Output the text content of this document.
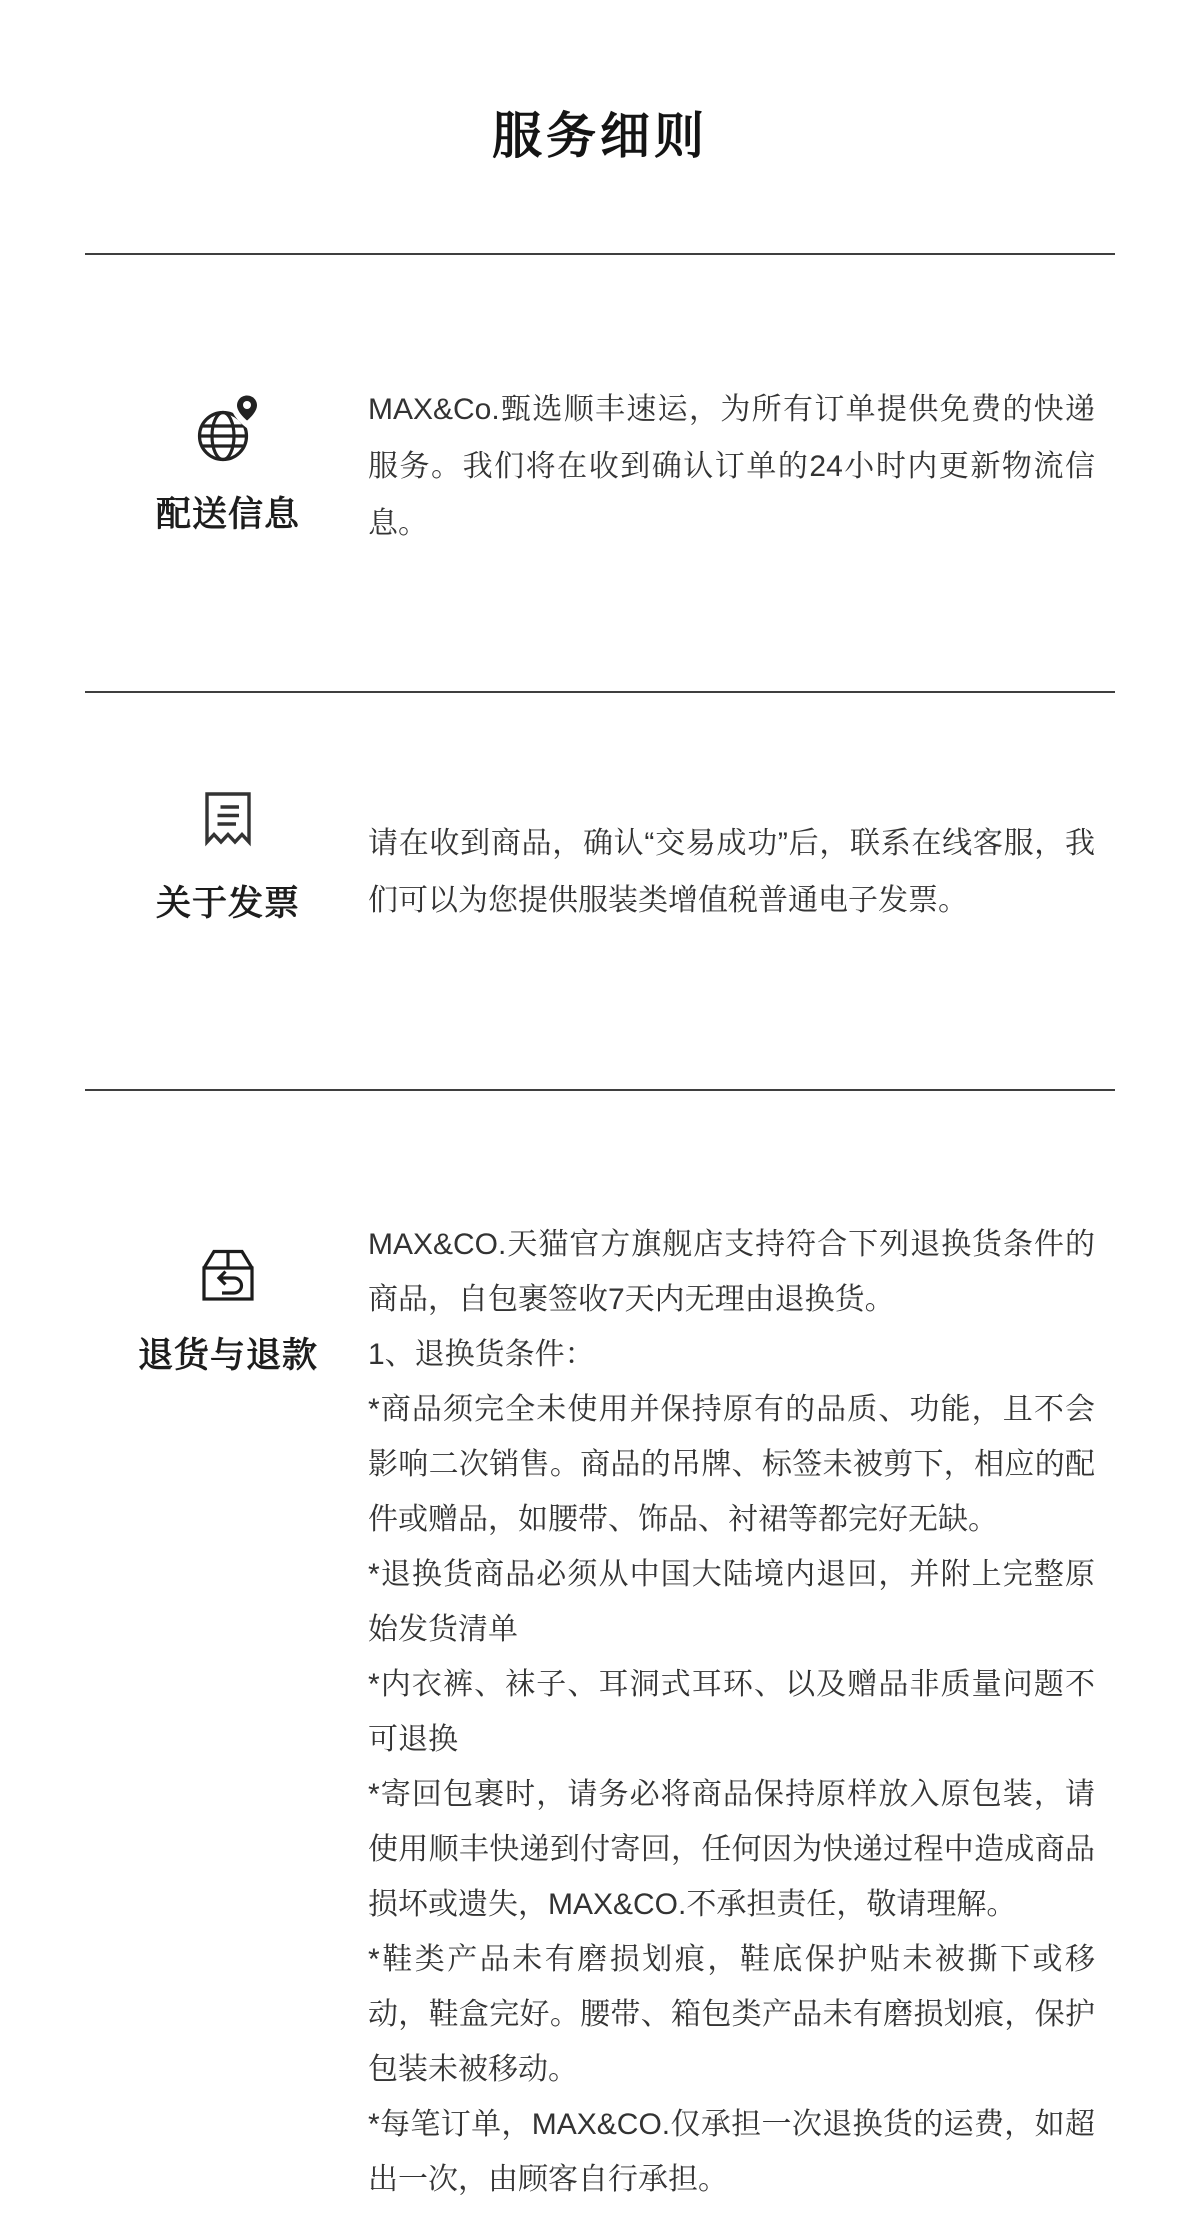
服务细则
配送信息

MAX&Co.甄选顺丰速运，为所有订单提供免费的快递服务。我们将在收到确认订单的24小时内更新物流信息。

关于发票

请在收到商品，确认“交易成功”后，联系在线客服，我们可以为您提供服装类增值税普通电子发票。

退货与退款

MAX&CO.天猫官方旗舰店支持符合下列退换货条件的商品，自包裹签收7天内无理由退换货。

1、退换货条件：

*商品须完全未使用并保持原有的品质、功能，且不会影响二次销售。商品的吊牌、标签未被剪下，相应的配件或赠品，如腰带、饰品、衬裙等都完好无缺。

*退换货商品必须从中国大陆境内退回，并附上完整原始发货清单

*内衣裤、袜子、耳洞式耳环、以及赠品非质量问题不可退换

*寄回包裹时，请务必将商品保持原样放入原包装，请使用顺丰快递到付寄回，任何因为快递过程中造成商品损坏或遗失，MAX&CO.不承担责任，敬请理解。

*鞋类产品未有磨损划痕，鞋底保护贴未被撕下或移动，鞋盒完好。腰带、箱包类产品未有磨损划痕，保护包装未被移动。

*每笔订单，MAX&CO.仅承担一次退换货的运费，如超出一次，由顾客自行承担。
